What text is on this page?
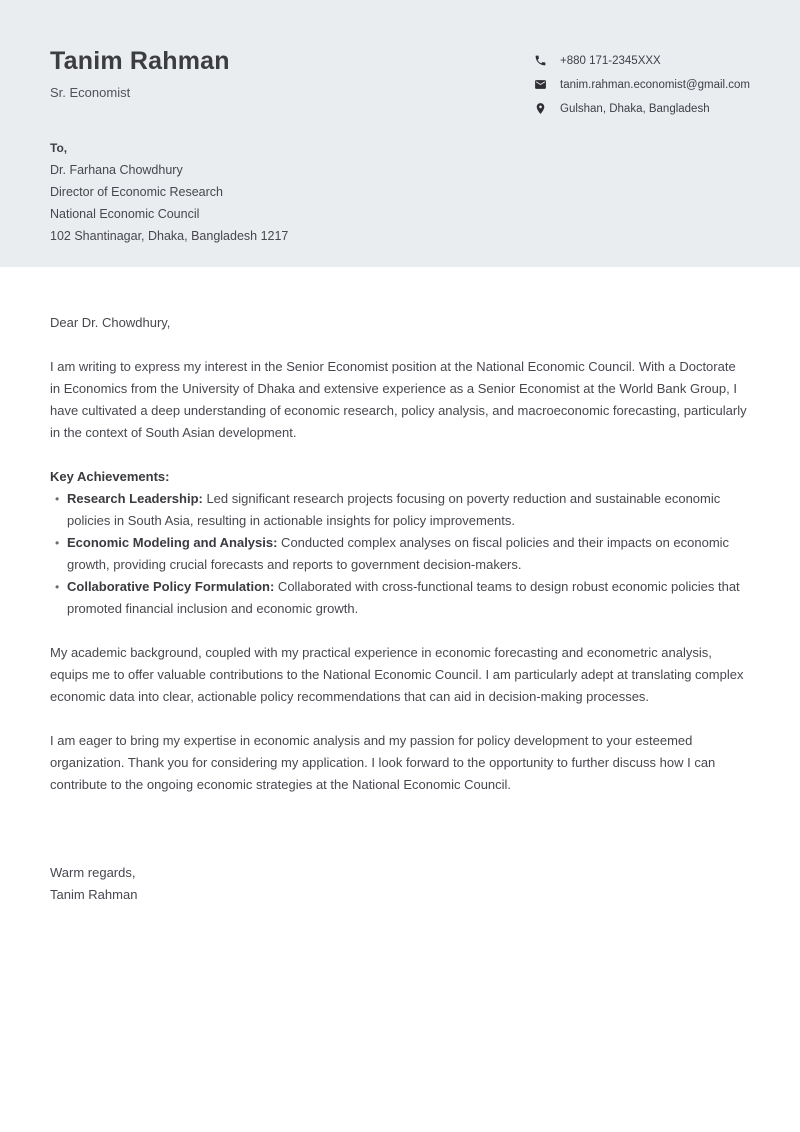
Tanim Rahman
Sr. Economist
+880 171-2345XXX
tanim.rahman.economist@gmail.com
Gulshan, Dhaka, Bangladesh
To,
Dr. Farhana Chowdhury
Director of Economic Research
National Economic Council
102 Shantinagar, Dhaka, Bangladesh 1217
Dear Dr. Chowdhury,

I am writing to express my interest in the Senior Economist position at the National Economic Council. With a Doctorate in Economics from the University of Dhaka and extensive experience as a Senior Economist at the World Bank Group, I have cultivated a deep understanding of economic research, policy analysis, and macroeconomic forecasting, particularly in the context of South Asian development.

Key Achievements:
• Research Leadership: Led significant research projects focusing on poverty reduction and sustainable economic policies in South Asia, resulting in actionable insights for policy improvements.
• Economic Modeling and Analysis: Conducted complex analyses on fiscal policies and their impacts on economic growth, providing crucial forecasts and reports to government decision-makers.
• Collaborative Policy Formulation: Collaborated with cross-functional teams to design robust economic policies that promoted financial inclusion and economic growth.

My academic background, coupled with my practical experience in economic forecasting and econometric analysis, equips me to offer valuable contributions to the National Economic Council. I am particularly adept at translating complex economic data into clear, actionable policy recommendations that can aid in decision-making processes.

I am eager to bring my expertise in economic analysis and my passion for policy development to your esteemed organization. Thank you for considering my application. I look forward to the opportunity to further discuss how I can contribute to the ongoing economic strategies at the National Economic Council.

Warm regards,
Tanim Rahman
